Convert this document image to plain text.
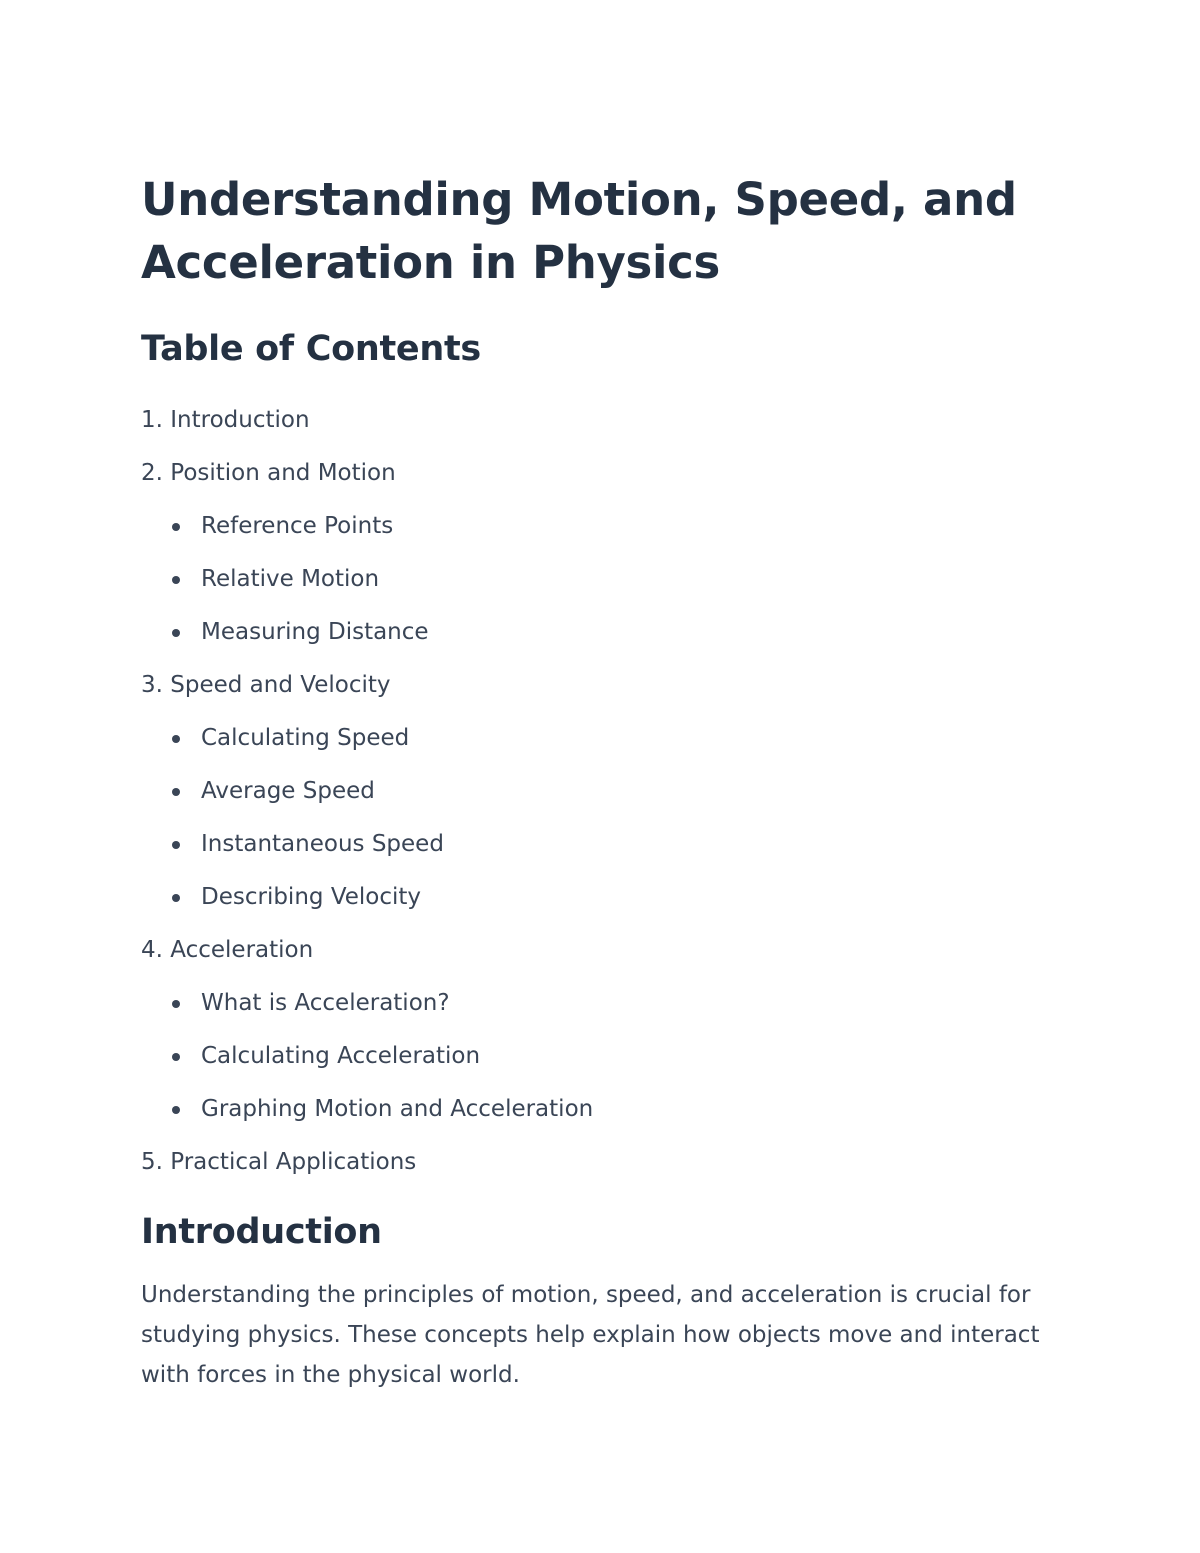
Understanding Motion, Speed, and Acceleration in Physics
Table of Contents
1. Introduction
2. Position and Motion
Reference Points
Relative Motion
Measuring Distance
3. Speed and Velocity
Calculating Speed
Average Speed
Instantaneous Speed
Describing Velocity
4. Acceleration
What is Acceleration?
Calculating Acceleration
Graphing Motion and Acceleration
5. Practical Applications
Introduction

Understanding the principles of motion, speed, and acceleration is crucial for studying physics. These concepts help explain how objects move and interact with forces in the physical world.
